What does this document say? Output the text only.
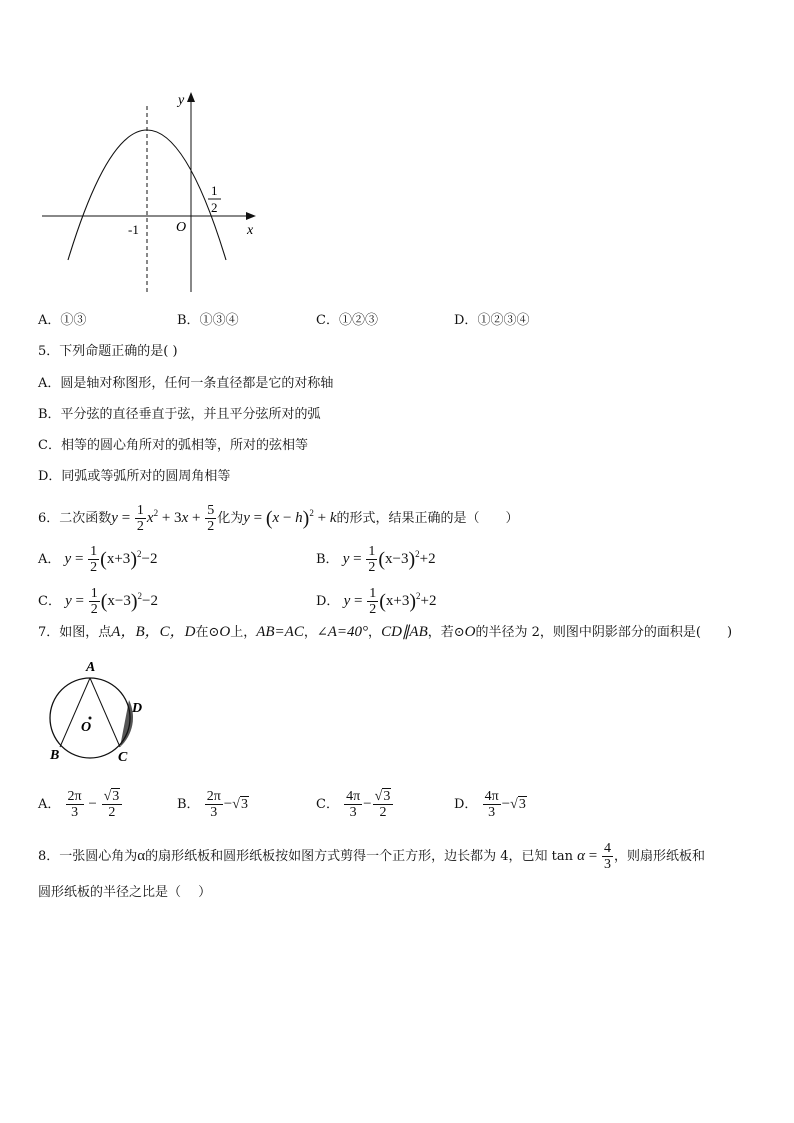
y
x
O
-1
1
2
A．①③	B．①③④	C．①②③	D．①②③④
5．下列命题正确的是( )
A．圆是轴对称图形，任何一条直径都是它的对称轴
B．平分弦的直径垂直于弦，并且平分弦所对的弧
C．相等的圆心角所对的弧相等，所对的弦相等
D．同弧或等弧所对的圆周角相等
6．二次函数$y = \frac{1}{2} x^2 + 3x + \frac{5}{2}$ 化为$y = (x - h)^2 + k$的形式，结果正确的是（　　）
A． $y = \frac{1}{2} (x+3)^2-2$	B． $y = \frac{1}{2} (x-3)^2+2$
C． $y = \frac{1}{2} (x-3)^2-2$	D． $y = \frac{1}{2} (x+3)^2+2$
7．如图，点A，B，C，D在⊙O上，AB=AC，∠A=40°，CD∥AB，若⊙O的半径为 2，则图中阴影部分的面积是(　　)
A
B	C
D
O
A． $\frac{2\pi}{3} - \frac{√3}{2}$	B． $\frac{2\pi}{3} -√3$	C． $\frac{4\pi}{3} - \frac{√3}{2}$	D． $\frac{4\pi}{3} -√3$
8．一张圆心角为α的扇形纸板和圆形纸板按如图方式剪得一个正方形，边长都为 4，已知 $\tan \alpha = \frac{4}{3}$ ，则扇形纸板和
圆形纸板的半径之比是（　 ）
